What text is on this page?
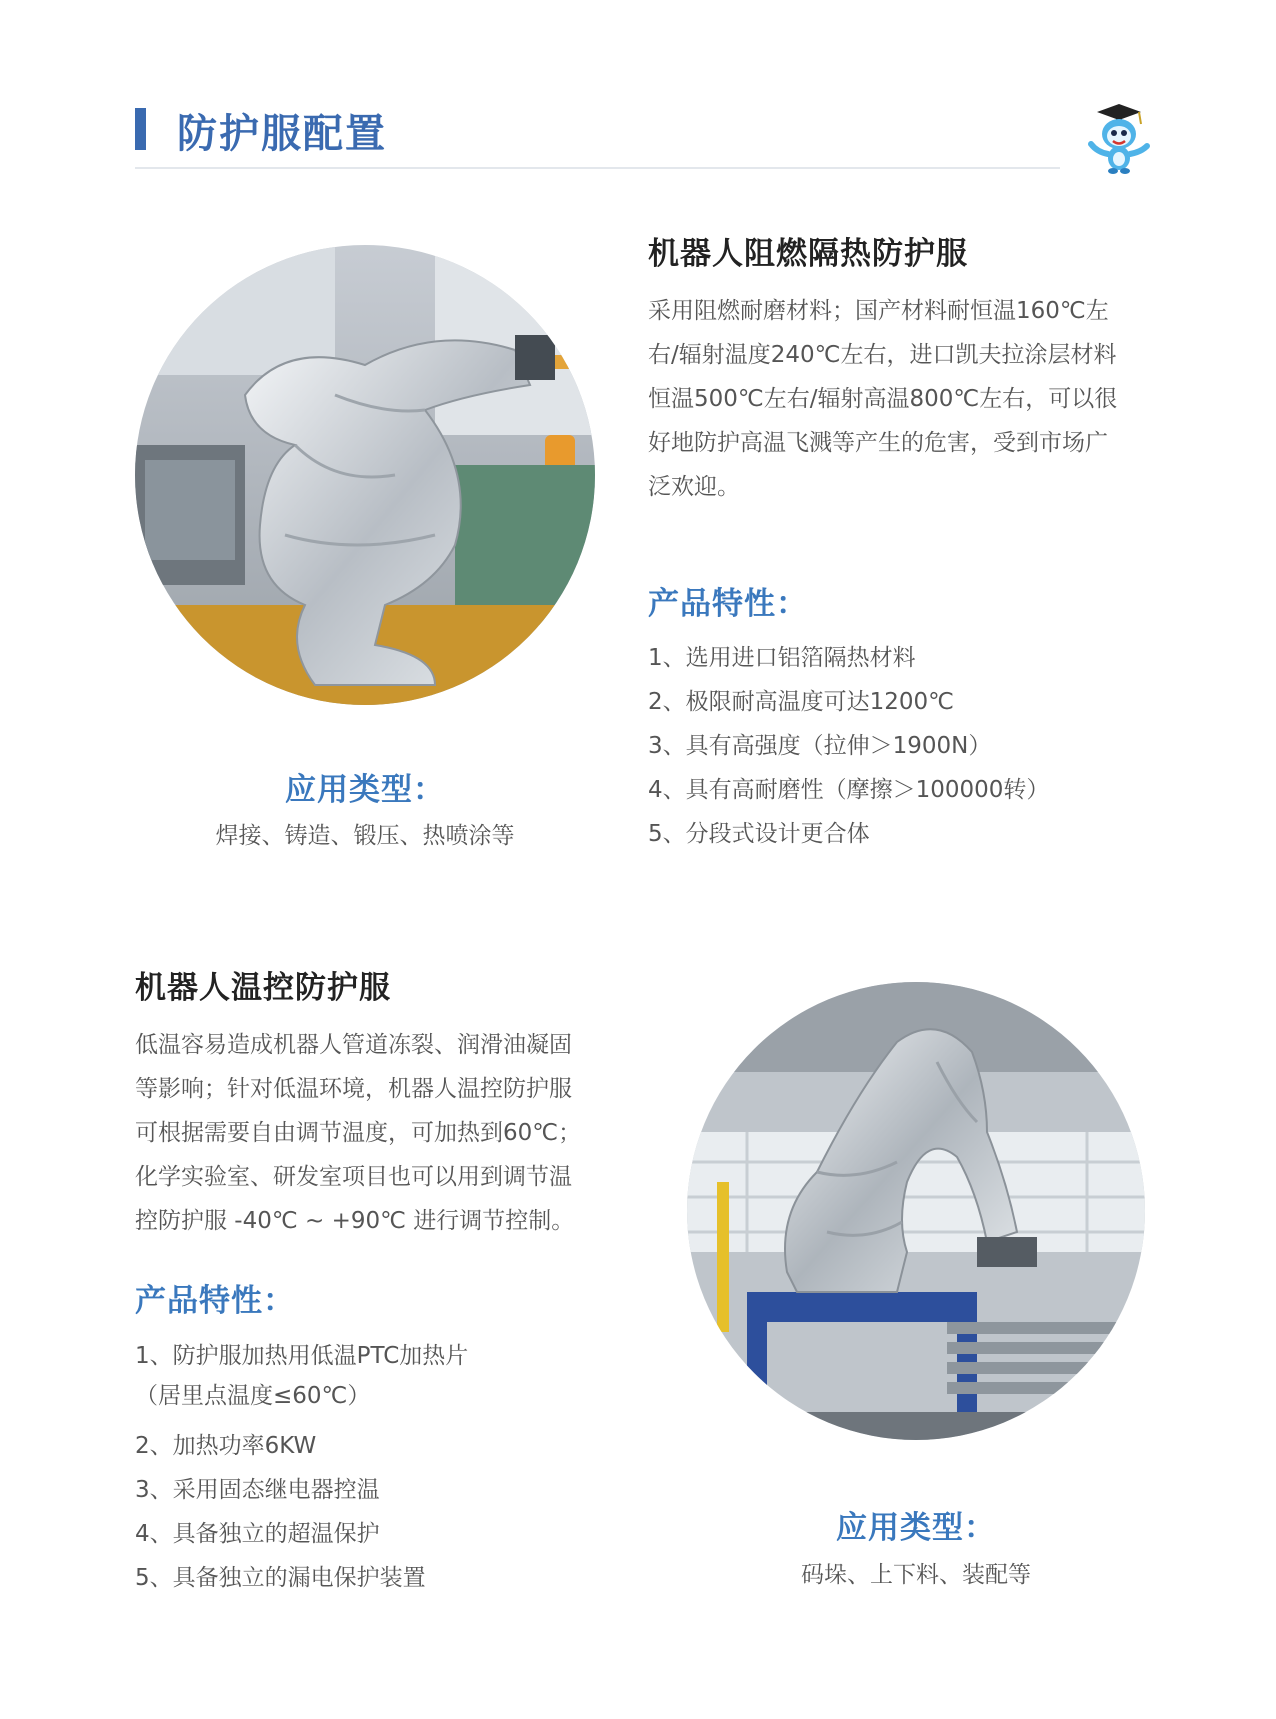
防护服配置
应用类型：
焊接、铸造、锻压、热喷涂等
机器人阻燃隔热防护服

采用阻燃耐磨材料；国产材料耐恒温160℃左

右/辐射温度240℃左右，进口凯夫拉涂层材料

恒温500℃左右/辐射高温800℃左右，可以很

好地防护高温飞溅等产生的危害，受到市场广

泛欢迎。

产品特性：
1、选用进口铝箔隔热材料
2、极限耐高温度可达1200℃
3、具有高强度（拉伸＞1900N）
4、具有高耐磨性（摩擦＞100000转）
5、分段式设计更合体
机器人温控防护服

低温容易造成机器人管道冻裂、润滑油凝固

等影响；针对低温环境，机器人温控防护服

可根据需要自由调节温度，可加热到60℃；

化学实验室、研发室项目也可以用到调节温

控防护服 -40℃ ~ +90℃ 进行调节控制。

产品特性：
1、防护服加热用低温PTC加热片
（居里点温度≤60℃）
2、加热功率6KW
3、采用固态继电器控温
4、具备独立的超温保护
5、具备独立的漏电保护装置
应用类型：
码垛、上下料、装配等
